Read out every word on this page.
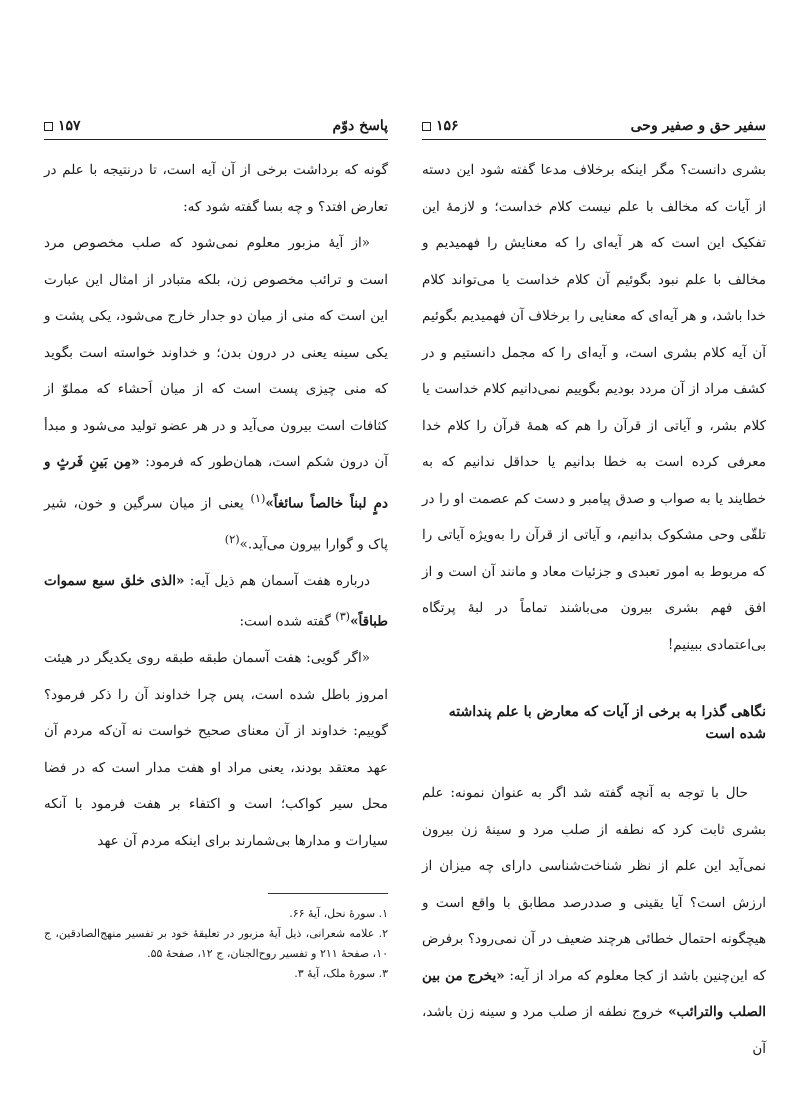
سفیر حق و صفیر وحی
۱۵۶

بشری دانست؟ مگر اینکه برخلاف مدعا گفته شود این دسته از آیات که مخالف با علم نیست کلام خداست؛ و لازمهٔ این تفکیک این است که هر آیه‌ای را که معنایش را فهمیدیم و مخالف با علم نبود بگوئیم آن کلام خداست یا می‌تواند کلام خدا باشد، و هر آیه‌ای که معنایی را برخلاف آن فهمیدیم بگوئیم آن آیه کلام بشری است، و آیه‌ای را که مجمل دانستیم و در کشف مراد از آن مردد بودیم بگوییم نمی‌دانیم کلام خداست یا کلام بشر، و آیاتی از قرآن را هم که همهٔ قرآن را کلام خدا معرفی کرده است به خطا بدانیم یا حداقل ندانیم که به خطایند یا به صواب و صدق پیامبر و دست کم عصمت او را در تلقّی وحی مشکوک بدانیم، و آیاتی از قرآن را به‌ویژه آیاتی را که مربوط به امور تعبدی و جزئیات معاد و مانند آن است و از افق فهم بشری بیرون می‌باشند تماماً در لبهٔ پرتگاه بی‌اعتمادی ببینیم!

نگاهی گذرا به برخی از آیات که معارض با علم پنداشته شده است

حال با توجه به آنچه گفته شد اگر به عنوان نمونه: علم بشری ثابت کرد که نطفه از صلب مرد و سینهٔ زن بیرون نمی‌آید این علم از نظر شناخت‌شناسی دارای چه میزان از ارزش است؟ آیا یقینی و صددرصد مطابق با واقع است و هیچگونه احتمال خطائی هرچند ضعیف در آن نمی‌رود؟ برفرض که این‌چنین باشد از کجا معلوم که مراد از آیه: «یخرج من بین الصلب والترائب» خروج نطفه از صلب مرد و سینه زن باشد، آن

پاسخ دوّم
۱۵۷

گونه که برداشت برخی از آن آیه است، تا درنتیجه با علم در تعارض افتد؟ و چه بسا گفته شود که:

«از آیهٔ مزبور معلوم نمی‌شود که صلب مخصوص مرد است و ترائب مخصوص زن، بلکه متبادر از امثال این عبارت این است که منی از میان دو جدار خارج می‌شود، یکی پشت و یکی سینه یعنی در درون بدن؛ و خداوند خواسته است بگوید که منی چیزی پست است که از میان اَحشاء که مملوّ از کثافات است بیرون می‌آید و در هر عضو تولید می‌شود و مبدأ آن درون شکم است، همان‌طور که فرمود: «مِن بَینِ فَرثٍ و دمٍ لبناً خالصاً سائغاً»$^{(۱)}$ یعنی از میان سرگین و خون، شیر پاک و گوارا بیرون می‌آید.»$^{(۲)}$

درباره هفت آسمان هم ذیل آیه: «الذی خلق سبع سموات طباقاً»$^{(۳)}$ گفته شده است:

«اگر گویی: هفت آسمان طبقه طبقه روی یکدیگر در هیئت امروز باطل شده است، پس چرا خداوند آن را ذکر فرمود؟ گوییم: خداوند از آن معنای صحیح خواست نه آن‌که مردم آن عهد معتقد بودند، یعنی مراد او هفت مدار است که در فضا محل سیر کواکب؛ است و اکتفاء بر هفت فرمود با آنکه سیارات و مدارها بی‌شمارند برای اینکه مردم آن عهد

۱. سورهٔ نحل، آیهٔ ۶۶.

۲. علامه شعرانی، ذیل آیهٔ مزبور در تعلیقهٔ خود بر تفسیر منهج‌الصادقین، ج ۱۰، صفحهٔ ۲۱۱ و تفسیر روح‌الجنان، ج ۱۲، صفحهٔ ۵۵.

۳. سورهٔ ملک، آیهٔ ۳.
